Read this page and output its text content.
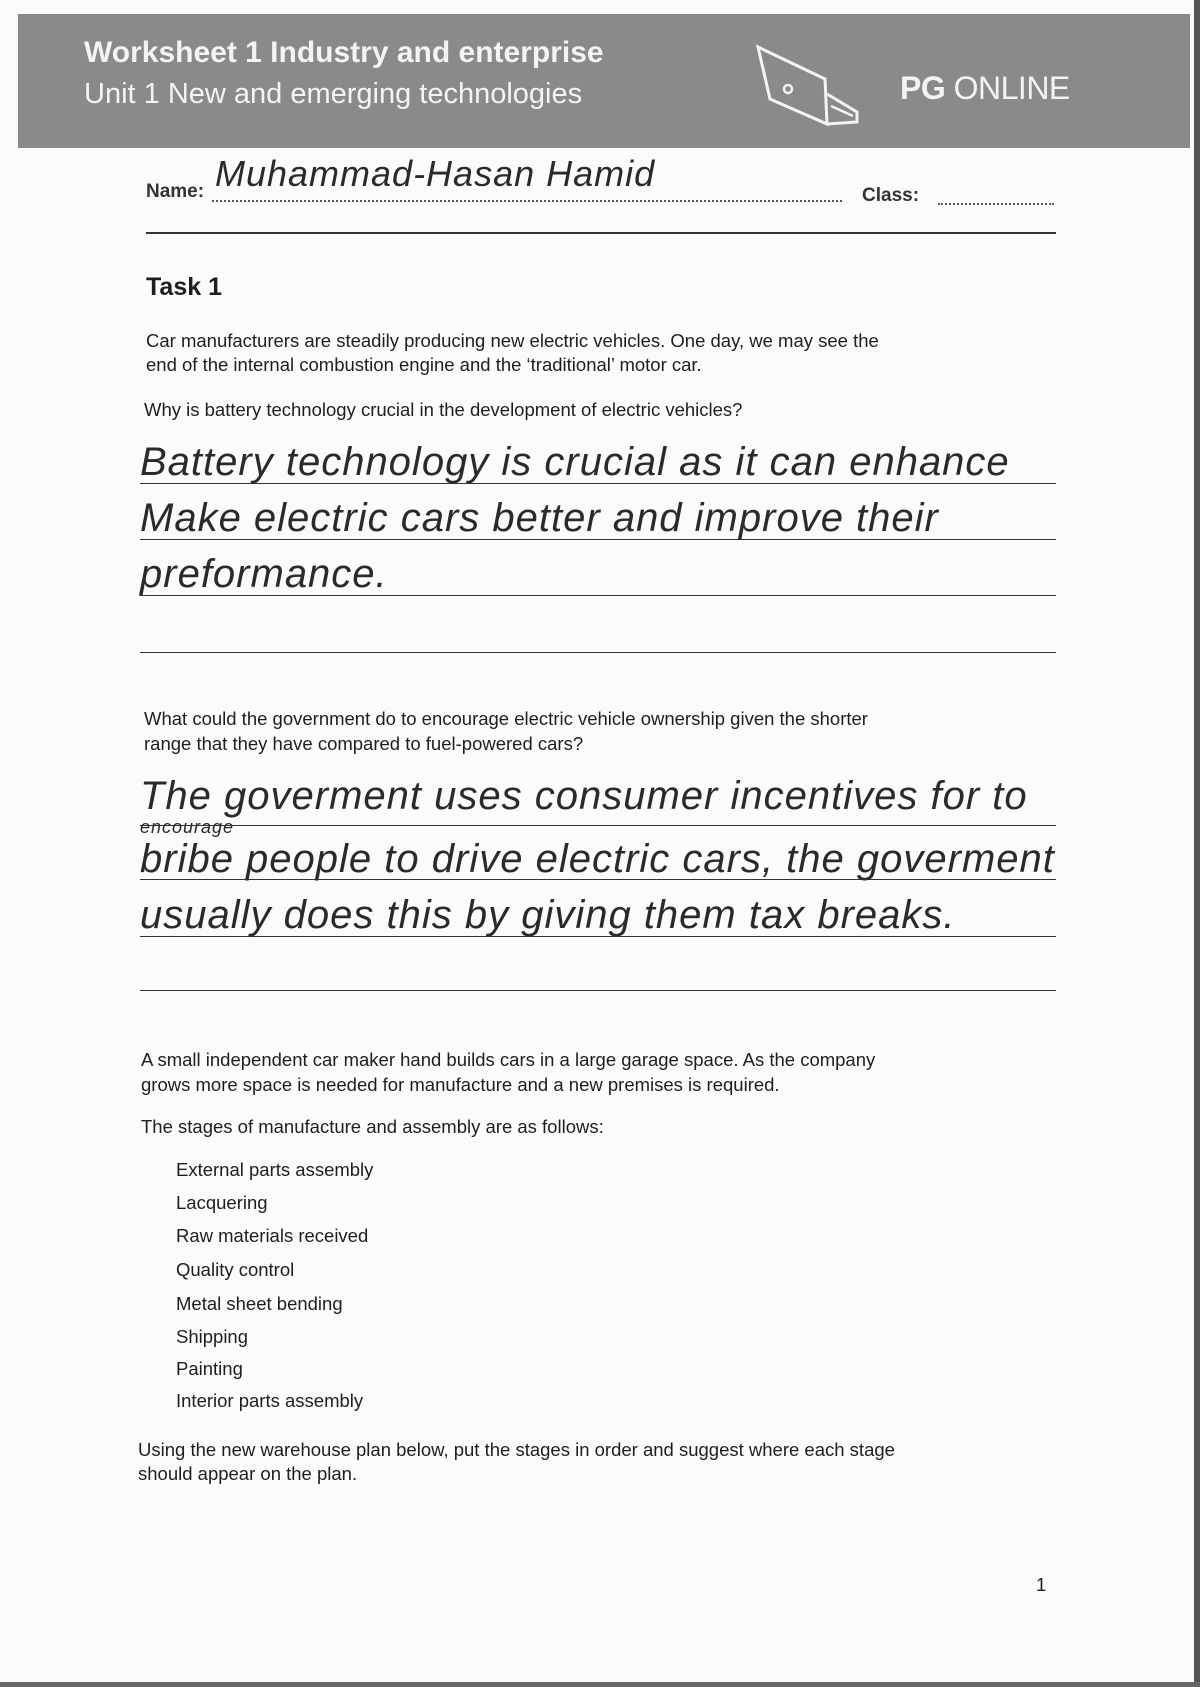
Worksheet 1 Industry and enterprise
Unit 1 New and emerging technologies	PG ONLINE
Name: Muhammad-Hasan Hamid
Class:
Task 1
Car manufacturers are steadily producing new electric vehicles. One day, we may see the
end of the internal combustion engine and the ‘traditional’ motor car.
Why is battery technology crucial in the development of electric vehicles?
Battery technology is crucial as it can enhance
Make electric cars better and improve their
preformance.
What could the government do to encourage electric vehicle ownership given the shorter
range that they have compared to fuel-powered cars?
The goverment uses consumer incentives for to
encourage
bribe people to drive electric cars, the goverment
usually does this by giving them tax breaks.
A small independent car maker hand builds cars in a large garage space. As the company
grows more space is needed for manufacture and a new premises is required.
The stages of manufacture and assembly are as follows:
External parts assembly
Lacquering
Raw materials received
Quality control
Metal sheet bending
Shipping
Painting
Interior parts assembly
Using the new warehouse plan below, put the stages in order and suggest where each stage
should appear on the plan.
1
